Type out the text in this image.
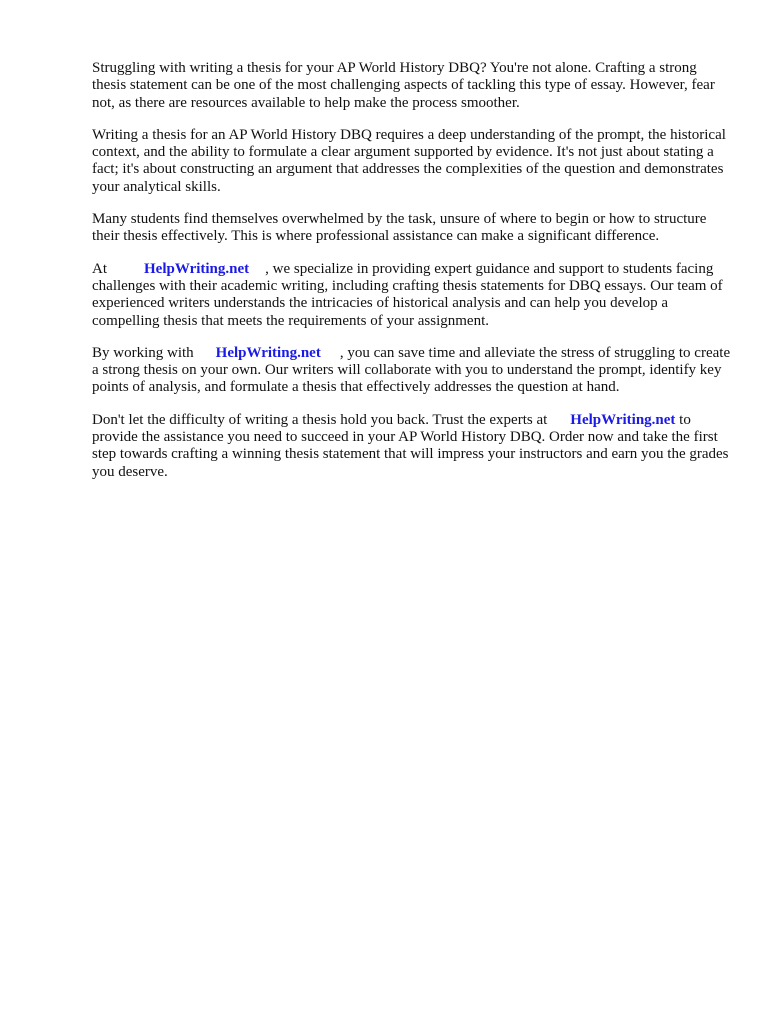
Struggling with writing a thesis for your AP World History DBQ? You're not alone. Crafting a strong thesis statement can be one of the most challenging aspects of tackling this type of essay. However, fear not, as there are resources available to help make the process smoother.

Writing a thesis for an AP World History DBQ requires a deep understanding of the prompt, the historical context, and the ability to formulate a clear argument supported by evidence. It's not just about stating a fact; it's about constructing an argument that addresses the complexities of the question and demonstrates your analytical skills.

Many students find themselves overwhelmed by the task, unsure of where to begin or how to structure their thesis effectively. This is where professional assistance can make a significant difference.

At HelpWriting.net , we specialize in providing expert guidance and support to students facing challenges with their academic writing, including crafting thesis statements for DBQ essays. Our team of experienced writers understands the intricacies of historical analysis and can help you develop a compelling thesis that meets the requirements of your assignment.

By working with HelpWriting.net , you can save time and alleviate the stress of struggling to create a strong thesis on your own. Our writers will collaborate with you to understand the prompt, identify key points of analysis, and formulate a thesis that effectively addresses the question at hand.

Don't let the difficulty of writing a thesis hold you back. Trust the experts at HelpWriting.net to provide the assistance you need to succeed in your AP World History DBQ. Order now and take the first step towards crafting a winning thesis statement that will impress your instructors and earn you the grades you deserve.
